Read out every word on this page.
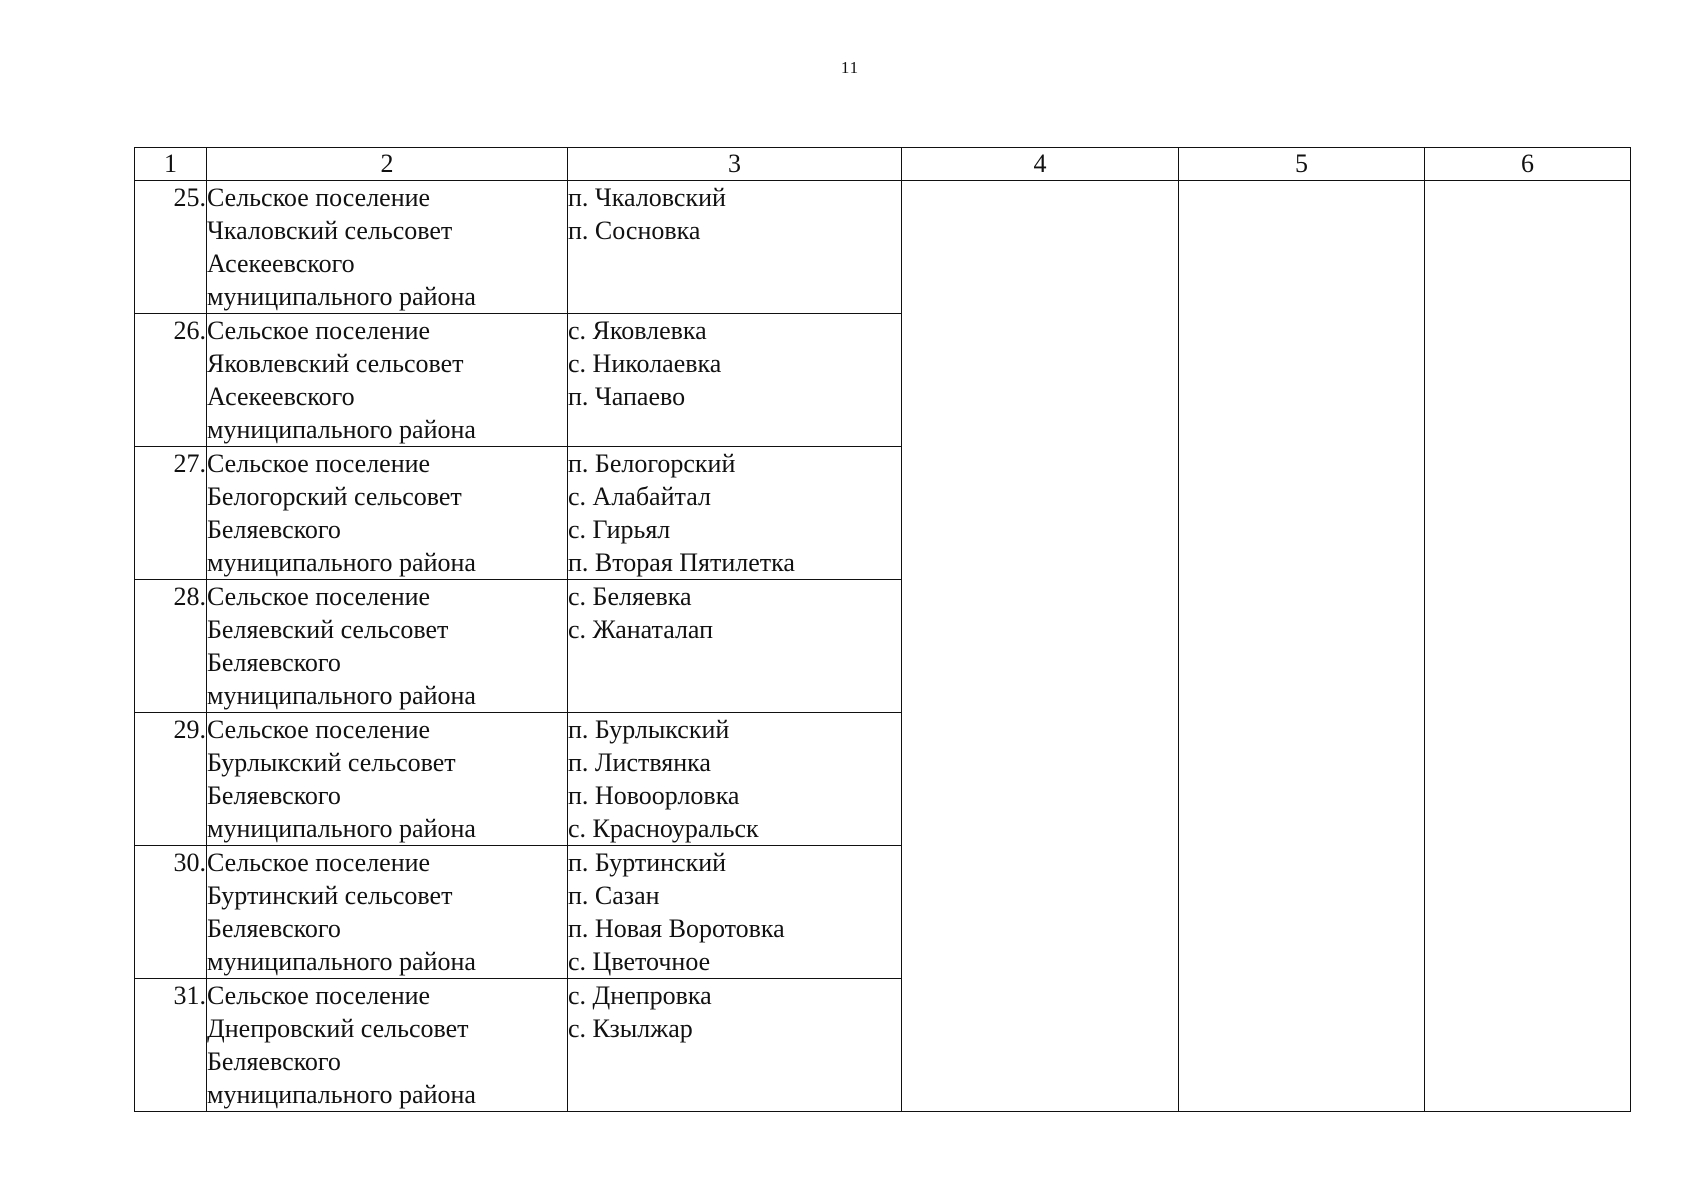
11
1	2	3	4	5	6
25.	Сельское поселение
Чкаловский сельсовет
Асекеевского
муниципального района	п. Чкаловский
п. Сосновка			

26.	Сельское поселение
Яковлевский сельсовет
Асекеевского
муниципального района	с. Яковлевка
с. Николаевка
п. Чапаево			

27.	Сельское поселение
Белогорский сельсовет
Беляевского
муниципального района	п. Белогорский
с. Алабайтал
с. Гирьял
п. Вторая Пятилетка			

28.	Сельское поселение
Беляевский сельсовет
Беляевского
муниципального района	с. Беляевка
с. Жанаталап			

29.	Сельское поселение
Бурлыкский сельсовет
Беляевского
муниципального района	п. Бурлыкский
п. Листвянка
п. Новоорловка
с. Красноуральск			

30.	Сельское поселение
Буртинский сельсовет
Беляевского
муниципального района	п. Буртинский
п. Сазан
п. Новая Воротовка
с. Цветочное			

31.	Сельское поселение
Днепровский сельсовет
Беляевского
муниципального района	с. Днепровка
с. Кзылжар			
